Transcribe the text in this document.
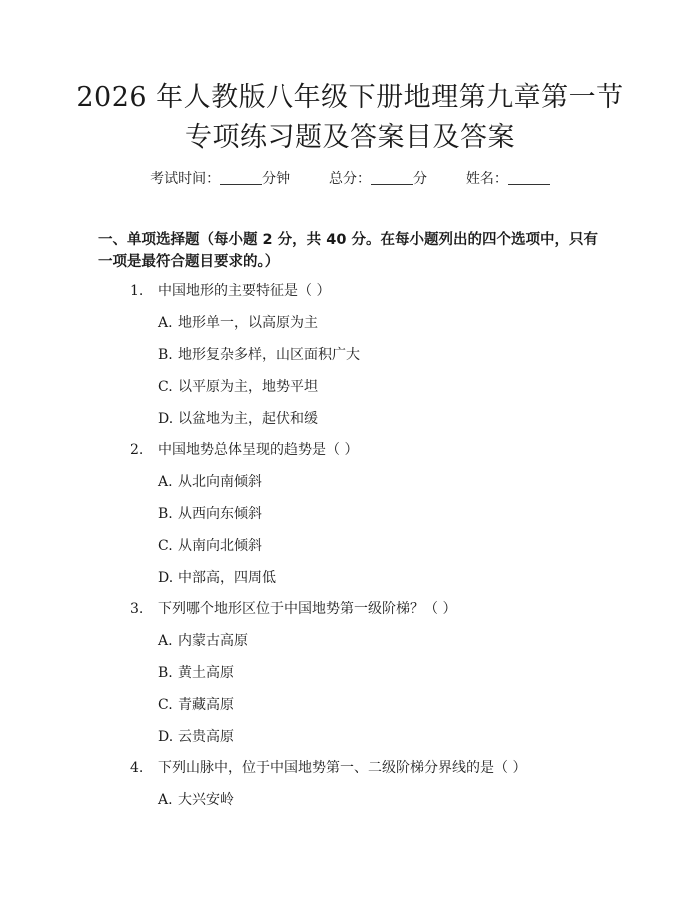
2026 年人教版八年级下册地理第九章第一节
专项练习题及答案目及答案
考试时间：	分钟	总分：	分	姓名：
一、单项选择题（每小题 2 分，共 40 分。在每小题列出的四个选项中，只有一项是最符合题目要求的。）
1. 中国地形的主要特征是（ ）
A. 地形单一，以高原为主
B. 地形复杂多样，山区面积广大
C. 以平原为主，地势平坦
D. 以盆地为主，起伏和缓
2. 中国地势总体呈现的趋势是（ ）
A. 从北向南倾斜
B. 从西向东倾斜
C. 从南向北倾斜
D. 中部高，四周低
3. 下列哪个地形区位于中国地势第一级阶梯？（ ）
A. 内蒙古高原
B. 黄土高原
C. 青藏高原
D. 云贵高原
4. 下列山脉中，位于中国地势第一、二级阶梯分界线的是（ ）
A. 大兴安岭
